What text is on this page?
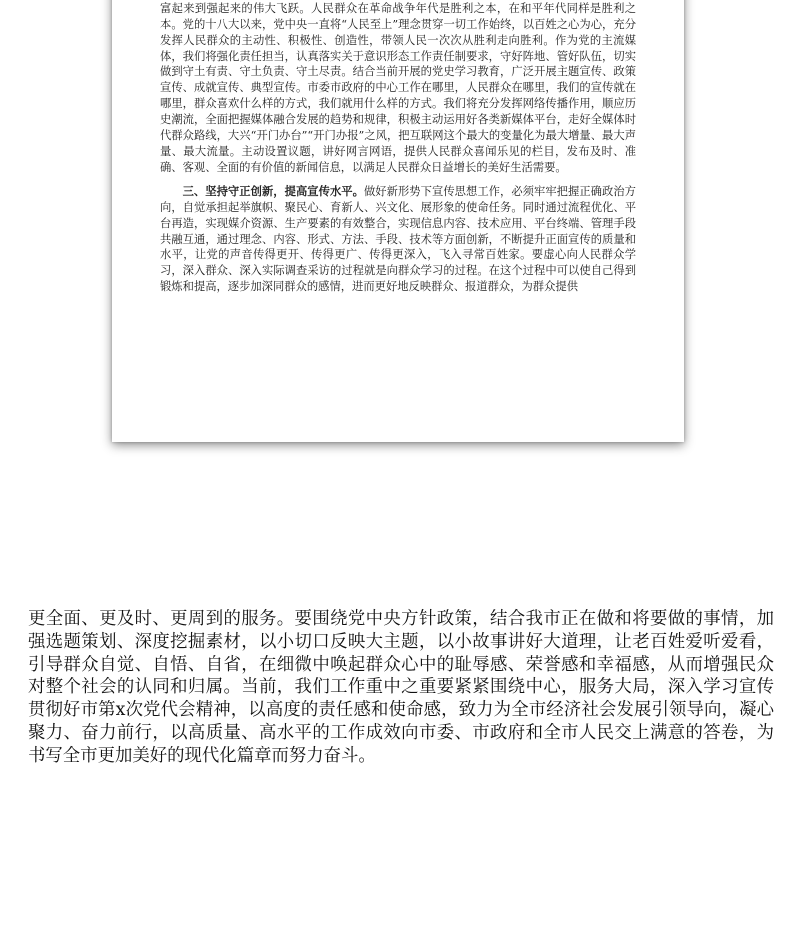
富起来到强起来的伟大飞跃。人民群众在革命战争年代是胜利之本，在和平年代同样是胜利之本。党的十八大以来，党中央一直将“人民至上”理念贯穿一切工作始终，以百姓之心为心，充分发挥人民群众的主动性、积极性、创造性，带领人民一次次从胜利走向胜利。作为党的主流媒体，我们将强化责任担当，认真落实关于意识形态工作责任制要求，守好阵地、管好队伍，切实做到守土有责、守土负责、守土尽责。结合当前开展的党史学习教育，广泛开展主题宣传、政策宣传、成就宣传、典型宣传。市委市政府的中心工作在哪里，人民群众在哪里，我们的宣传就在哪里，群众喜欢什么样的方式，我们就用什么样的方式。我们将充分发挥网络传播作用，顺应历史潮流，全面把握媒体融合发展的趋势和规律，积极主动运用好各类新媒体平台，走好全媒体时代群众路线，大兴“开门办台”“开门办报”之风，把互联网这个最大的变量化为最大增量、最大声量、最大流量。主动设置议题，讲好网言网语，提供人民群众喜闻乐见的栏目，发布及时、准确、客观、全面的有价值的新闻信息，以满足人民群众日益增长的美好生活需要。

三、坚持守正创新，提高宣传水平。做好新形势下宣传思想工作，必须牢牢把握正确政治方向，自觉承担起举旗帜、聚民心、育新人、兴文化、展形象的使命任务。同时通过流程优化、平台再造，实现媒介资源、生产要素的有效整合，实现信息内容、技术应用、平台终端、管理手段共融互通，通过理念、内容、形式、方法、手段、技术等方面创新，不断提升正面宣传的质量和水平，让党的声音传得更开、传得更广、传得更深入，飞入寻常百姓家。要虚心向人民群众学习，深入群众、深入实际调查采访的过程就是向群众学习的过程。在这个过程中可以使自己得到锻炼和提高，逐步加深同群众的感情，进而更好地反映群众、报道群众，为群众提供

更全面、更及时、更周到的服务。要围绕党中央方针政策，结合我市正在做和将要做的事情，加强选题策划、深度挖掘素材，以小切口反映大主题，以小故事讲好大道理，让老百姓爱听爱看，引导群众自觉、自悟、自省，在细微中唤起群众心中的耻辱感、荣誉感和幸福感，从而增强民众对整个社会的认同和归属。当前，我们工作重中之重要紧紧围绕中心，服务大局，深入学习宣传贯彻好市第x次党代会精神，以高度的责任感和使命感，致力为全市经济社会发展引领导向，凝心聚力、奋力前行，以高质量、高水平的工作成效向市委、市政府和全市人民交上满意的答卷，为书写全市更加美好的现代化篇章而努力奋斗。
